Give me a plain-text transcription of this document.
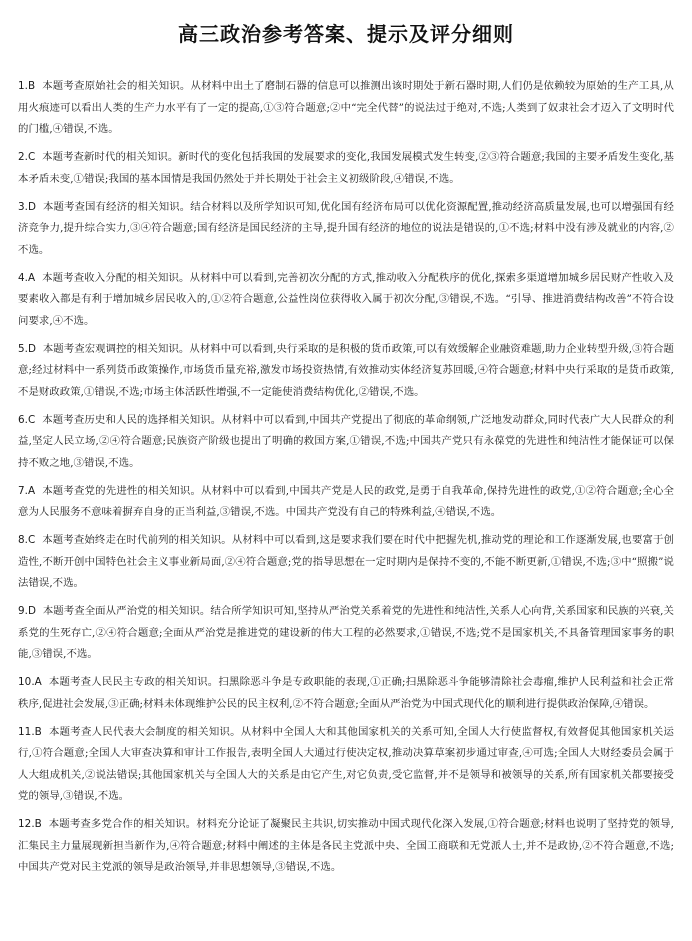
高三政治参考答案、提示及评分细则

1.B 本题考查原始社会的相关知识。从材料中出土了磨制石器的信息可以推测出该时期处于新石器时期,人们仍是依赖较为原始的生产工具,从用火痕迹可以看出人类的生产力水平有了一定的提高,①③符合题意;②中“完全代替”的说法过于绝对,不选;人类到了奴隶社会才迈入了文明时代的门槛,④错误,不选。

2.C 本题考查新时代的相关知识。新时代的变化包括我国的发展要求的变化,我国发展模式发生转变,②③符合题意;我国的主要矛盾发生变化,基本矛盾未变,①错误;我国的基本国情是我国仍然处于并长期处于社会主义初级阶段,④错误,不选。

3.D 本题考查国有经济的相关知识。结合材料以及所学知识可知,优化国有经济布局可以优化资源配置,推动经济高质量发展,也可以增强国有经济竞争力,提升综合实力,③④符合题意;国有经济是国民经济的主导,提升国有经济的地位的说法是错误的,①不选;材料中没有涉及就业的内容,②不选。

4.A 本题考查收入分配的相关知识。从材料中可以看到,完善初次分配的方式,推动收入分配秩序的优化,探索多渠道增加城乡居民财产性收入及要素收入都是有利于增加城乡居民收入的,①②符合题意,公益性岗位获得收入属于初次分配,③错误,不选。“引导、推进消费结构改善”不符合设问要求,④不选。

5.D 本题考查宏观调控的相关知识。从材料中可以看到,央行采取的是积极的货币政策,可以有效缓解企业融资难题,助力企业转型升级,③符合题意;经过材料中一系列货币政策操作,市场货币量充裕,激发市场投资热情,有效推动实体经济复苏回暖,④符合题意;材料中央行采取的是货币政策,不是财政政策,①错误,不选;市场主体活跃性增强,不一定能使消费结构优化,②错误,不选。

6.C 本题考查历史和人民的选择相关知识。从材料中可以看到,中国共产党提出了彻底的革命纲领,广泛地发动群众,同时代表广大人民群众的利益,坚定人民立场,②④符合题意;民族资产阶级也提出了明确的救国方案,①错误,不选;中国共产党只有永葆党的先进性和纯洁性才能保证可以保持不败之地,③错误,不选。

7.A 本题考查党的先进性的相关知识。从材料中可以看到,中国共产党是人民的政党,是勇于自我革命,保持先进性的政党,①②符合题意;全心全意为人民服务不意味着摒弃自身的正当利益,③错误,不选。中国共产党没有自己的特殊利益,④错误,不选。

8.C 本题考查始终走在时代前列的相关知识。从材料中可以看到,这是要求我们要在时代中把握先机,推动党的理论和工作逐渐发展,也要富于创造性,不断开创中国特色社会主义事业新局面,②④符合题意;党的指导思想在一定时期内是保持不变的,不能不断更新,①错误,不选;③中“照搬”说法错误,不选。

9.D 本题考查全面从严治党的相关知识。结合所学知识可知,坚持从严治党关系着党的先进性和纯洁性,关系人心向背,关系国家和民族的兴衰,关系党的生死存亡,②④符合题意;全面从严治党是推进党的建设新的伟大工程的必然要求,①错误,不选;党不是国家机关,不具备管理国家事务的职能,③错误,不选。

10.A 本题考查人民民主专政的相关知识。扫黑除恶斗争是专政职能的表现,①正确;扫黑除恶斗争能够清除社会毒瘤,维护人民利益和社会正常秩序,促进社会发展,③正确;材料未体现维护公民的民主权利,②不符合题意;全面从严治党为中国式现代化的顺利进行提供政治保障,④错误。

11.B 本题考查人民代表大会制度的相关知识。从材料中全国人大和其他国家机关的关系可知,全国人大行使监督权,有效督促其他国家机关运行,①符合题意;全国人大审查决算和审计工作报告,表明全国人大通过行使决定权,推动决算草案初步通过审查,④可选;全国人大财经委员会属于人大组成机关,②说法错误;其他国家机关与全国人大的关系是由它产生,对它负责,受它监督,并不是领导和被领导的关系,所有国家机关都要接受党的领导,③错误,不选。

12.B 本题考查多党合作的相关知识。材料充分论证了凝聚民主共识,切实推动中国式现代化深入发展,①符合题意;材料也说明了坚持党的领导,汇集民主力量展现新担当新作为,④符合题意;材料中阐述的主体是各民主党派中央、全国工商联和无党派人士,并不是政协,②不符合题意,不选;中国共产党对民主党派的领导是政治领导,并非思想领导,③错误,不选。
